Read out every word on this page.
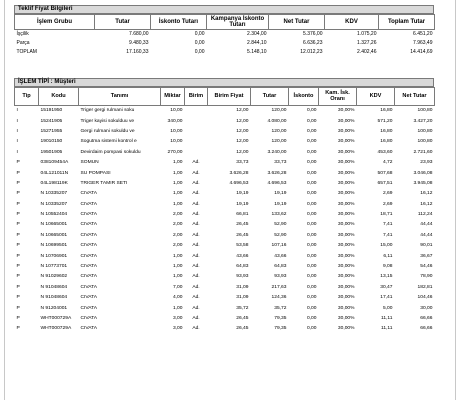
Teklif Fiyat Bilgileri
İşlem Grubu	Tutar	İskonto Tutarı	Kampanya İskonto Tutarı	Net Tutar	KDV	Toplam Tutar
İşçilik	7.680,00	0,00	2.304,00	5.376,00	1.075,20	6.451,20
Parça	9.480,33	0,00	2.844,10	6.636,23	1.327,26	7.963,49
TOPLAM	17.160,33	0,00	5.148,10	12.012,23	2.402,46	14.414,69
İŞLEM TİPİ : Müşteri
Tip	Kodu	Tanımı	Miktar	Birim	Birim Fiyat	Tutar	İskonto	Kam. İsk. Oranı	KDV	Net Tutar
I	15191950	Triger gergi rulmani soku	10,00		12,00	120,00	0,00	30,00%	16,80	100,80
I	15241905	Triger kayisi sokulduu ve	340,00		12,00	4.080,00	0,00	30,00%	571,20	3.427,20
I	15271955	Gergi rulmani sokuldu ve	10,00		12,00	120,00	0,00	30,00%	16,80	100,80
I	19010150	Sogutma sistemi kontrol e	10,00		12,00	120,00	0,00	30,00%	16,80	100,80
I	19501905	Devirdaim pompasi sokuldu	270,00		12,00	3.240,00	0,00	30,00%	453,60	2.721,60
P	038109454A	SOMUN	1,00	Ad.	33,73	33,73	0,00	30,00%	4,72	23,93
P	04L121011N	SU POMPASI	1,00	Ad.	3.626,28	3.626,28	0,00	30,00%	507,68	3.046,08
P	04L198119K	TRIGER TAMIR SETI	1,00	Ad.	4.696,53	4.696,53	0,00	30,00%	657,51	3.945,08
P	N 10335207	CIVATA	1,00	Ad.	19,19	19,19	0,00	30,00%	2,69	16,12
P	N 10335207	CIVATA	1,00	Ad.	19,19	19,19	0,00	30,00%	2,69	16,12
P	N 10552404	CIVATA	2,00	Ad.	66,81	133,62	0,00	30,00%	18,71	112,24
P	N 10665001	CIVATA	2,00	Ad.	26,45	52,90	0,00	30,00%	7,41	44,44
P	N 10665001	CIVATA	2,00	Ad.	26,45	52,90	0,00	30,00%	7,41	44,44
P	N 10699501	CIVATA	2,00	Ad.	53,58	107,16	0,00	30,00%	15,00	90,01
P	N 10706901	CIVATA	1,00	Ad.	43,66	43,66	0,00	30,00%	6,11	36,67
P	N 10773701	CIVATA	1,00	Ad.	64,83	64,83	0,00	30,00%	9,08	54,46
P	N 91029602	CIVATA	1,00	Ad.	93,93	93,93	0,00	30,00%	13,15	78,90
P	N 91048604	CIVATA	7,00	Ad.	31,09	217,63	0,00	30,00%	30,47	182,81
P	N 91048604	CIVATA	4,00	Ad.	31,09	124,36	0,00	30,00%	17,41	104,46
P	N 91204001	CIVATA	1,00	Ad.	35,72	35,72	0,00	30,00%	5,00	30,00
P	WHT000729A	CIVATA	3,00	Ad.	26,45	79,35	0,00	30,00%	11,11	66,66
P	WHT000729A	CIVATA	3,00	Ad.	26,45	79,35	0,00	30,00%	11,11	66,66
